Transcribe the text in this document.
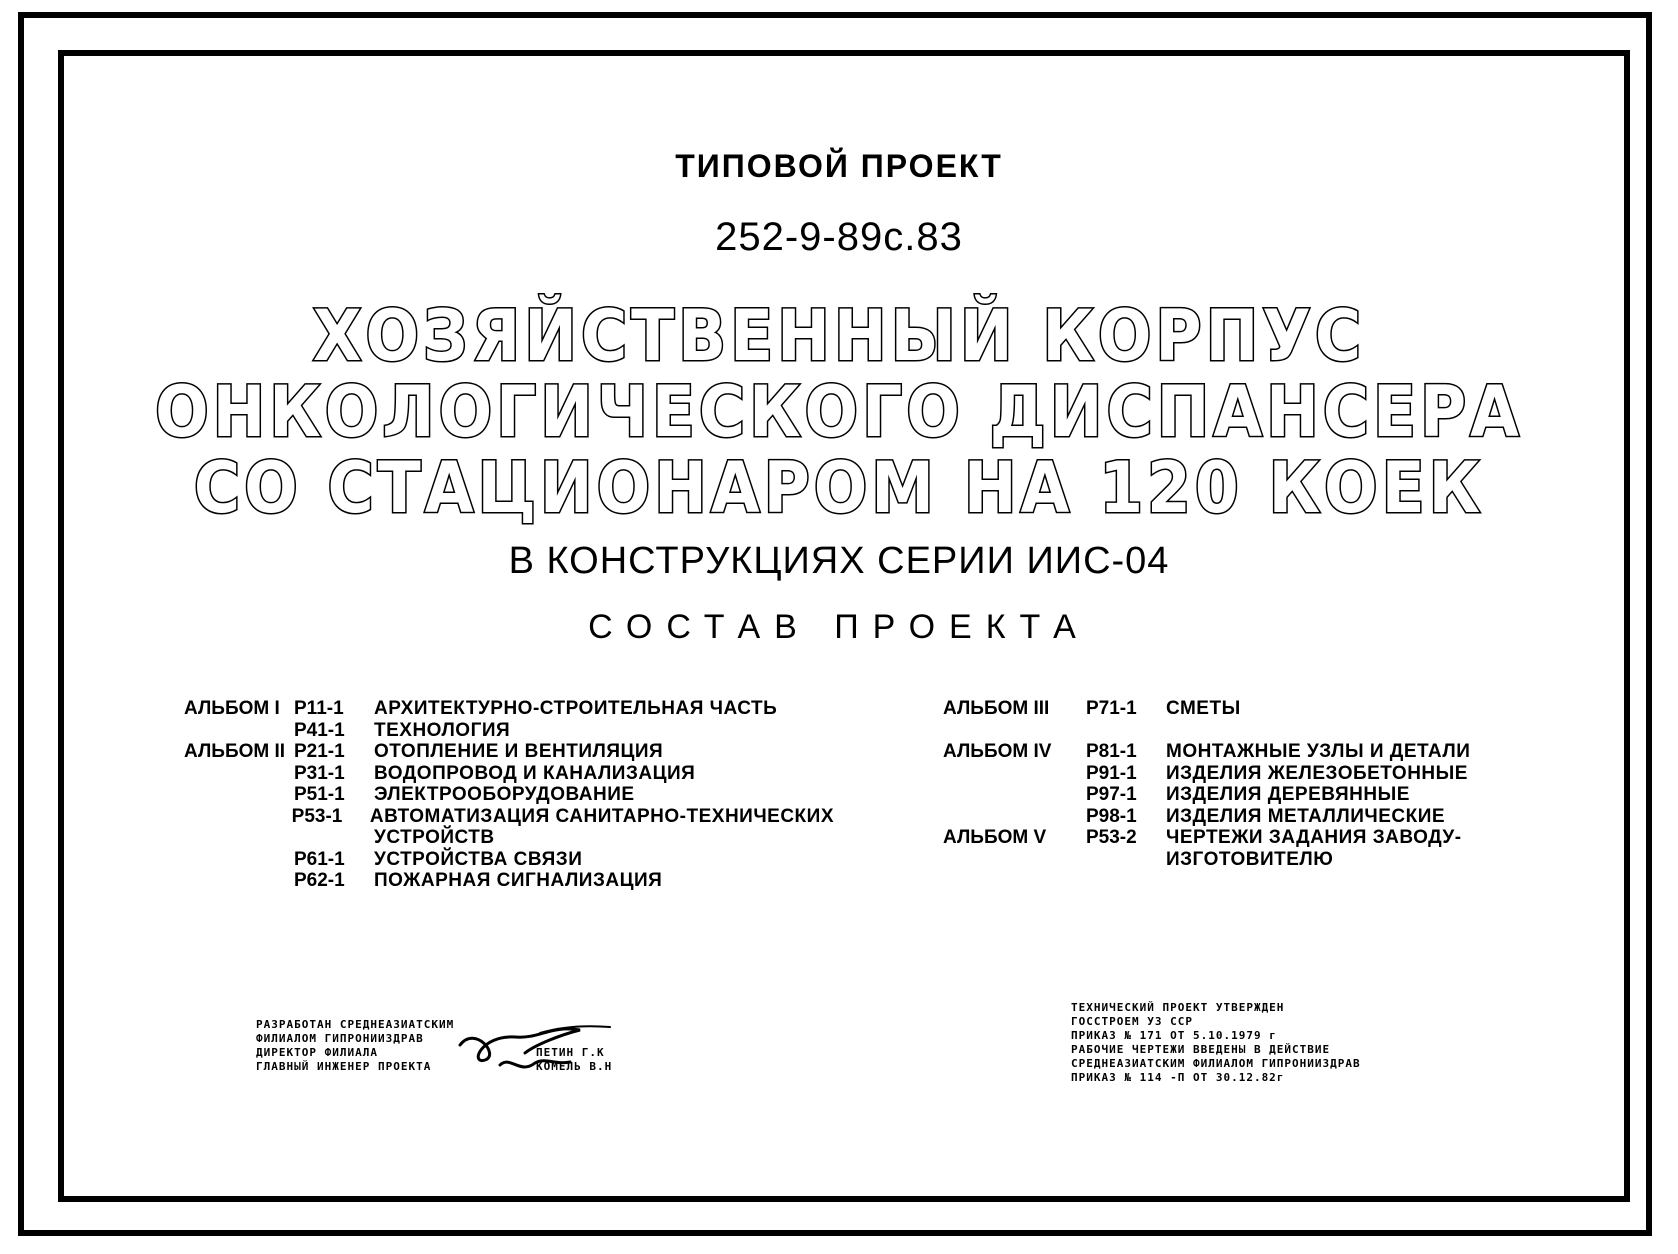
ТИПОВОЙ ПРОЕКТ
252-9-89с.83
ХОЗЯЙСТВЕННЫЙ КОРПУС
ОНКОЛОГИЧЕСКОГО ДИСПАНСЕРА
СО СТАЦИОНАРОМ НА 120 КОЕК
В КОНСТРУКЦИЯХ СЕРИИ ИИС-04
СОСТАВ ПРОЕКТА
АЛЬБОМ I Р11-1	АРХИТЕКТУРНО-СТРОИТЕЛЬНАЯ ЧАСТЬ
Р41-1	ТЕХНОЛОГИЯ
АЛЬБОМ II Р21-1	ОТОПЛЕНИЕ И ВЕНТИЛЯЦИЯ
Р31-1	ВОДОПРОВОД И КАНАЛИЗАЦИЯ
Р51-1	ЭЛЕКТРООБОРУДОВАНИЕ
Р53-1	АВТОМАТИЗАЦИЯ САНИТАРНО-ТЕХНИЧЕСКИХ
УСТРОЙСТВ
Р61-1	УСТРОЙСТВА СВЯЗИ
Р62-1	ПОЖАРНАЯ СИГНАЛИЗАЦИЯ
АЛЬБОМ III	Р71-1	СМЕТЫ
АЛЬБОМ IV	Р81-1	МОНТАЖНЫЕ УЗЛЫ И ДЕТАЛИ
Р91-1	ИЗДЕЛИЯ ЖЕЛЕЗОБЕТОННЫЕ
Р97-1	ИЗДЕЛИЯ ДЕРЕВЯННЫЕ
Р98-1	ИЗДЕЛИЯ МЕТАЛЛИЧЕСКИЕ
АЛЬБОМ V	Р53-2	ЧЕРТЕЖИ ЗАДАНИЯ ЗАВОДУ-
ИЗГОТОВИТЕЛЮ
РАЗРАБОТАН СРЕДНЕАЗИАТСКИМ
ФИЛИАЛОМ ГИПРОНИИЗДРАВ
ДИРЕКТОР ФИЛИАЛА	ПЕТИН Г.К
ГЛАВНЫЙ ИНЖЕНЕР ПРОЕКТА	КОМЕЛЬ В.Н
ТЕХНИЧЕСКИЙ ПРОЕКТ УТВЕРЖДЕН
ГОССТРОЕМ УЗ ССР
ПРИКАЗ № 171 ОТ 5.10.1979 г
РАБОЧИЕ ЧЕРТЕЖИ ВВЕДЕНЫ В ДЕЙСТВИЕ
СРЕДНЕАЗИАТСКИМ ФИЛИАЛОМ ГИПРОНИИЗДРАВ
ПРИКАЗ № 114 -П ОТ 30.12.82г
